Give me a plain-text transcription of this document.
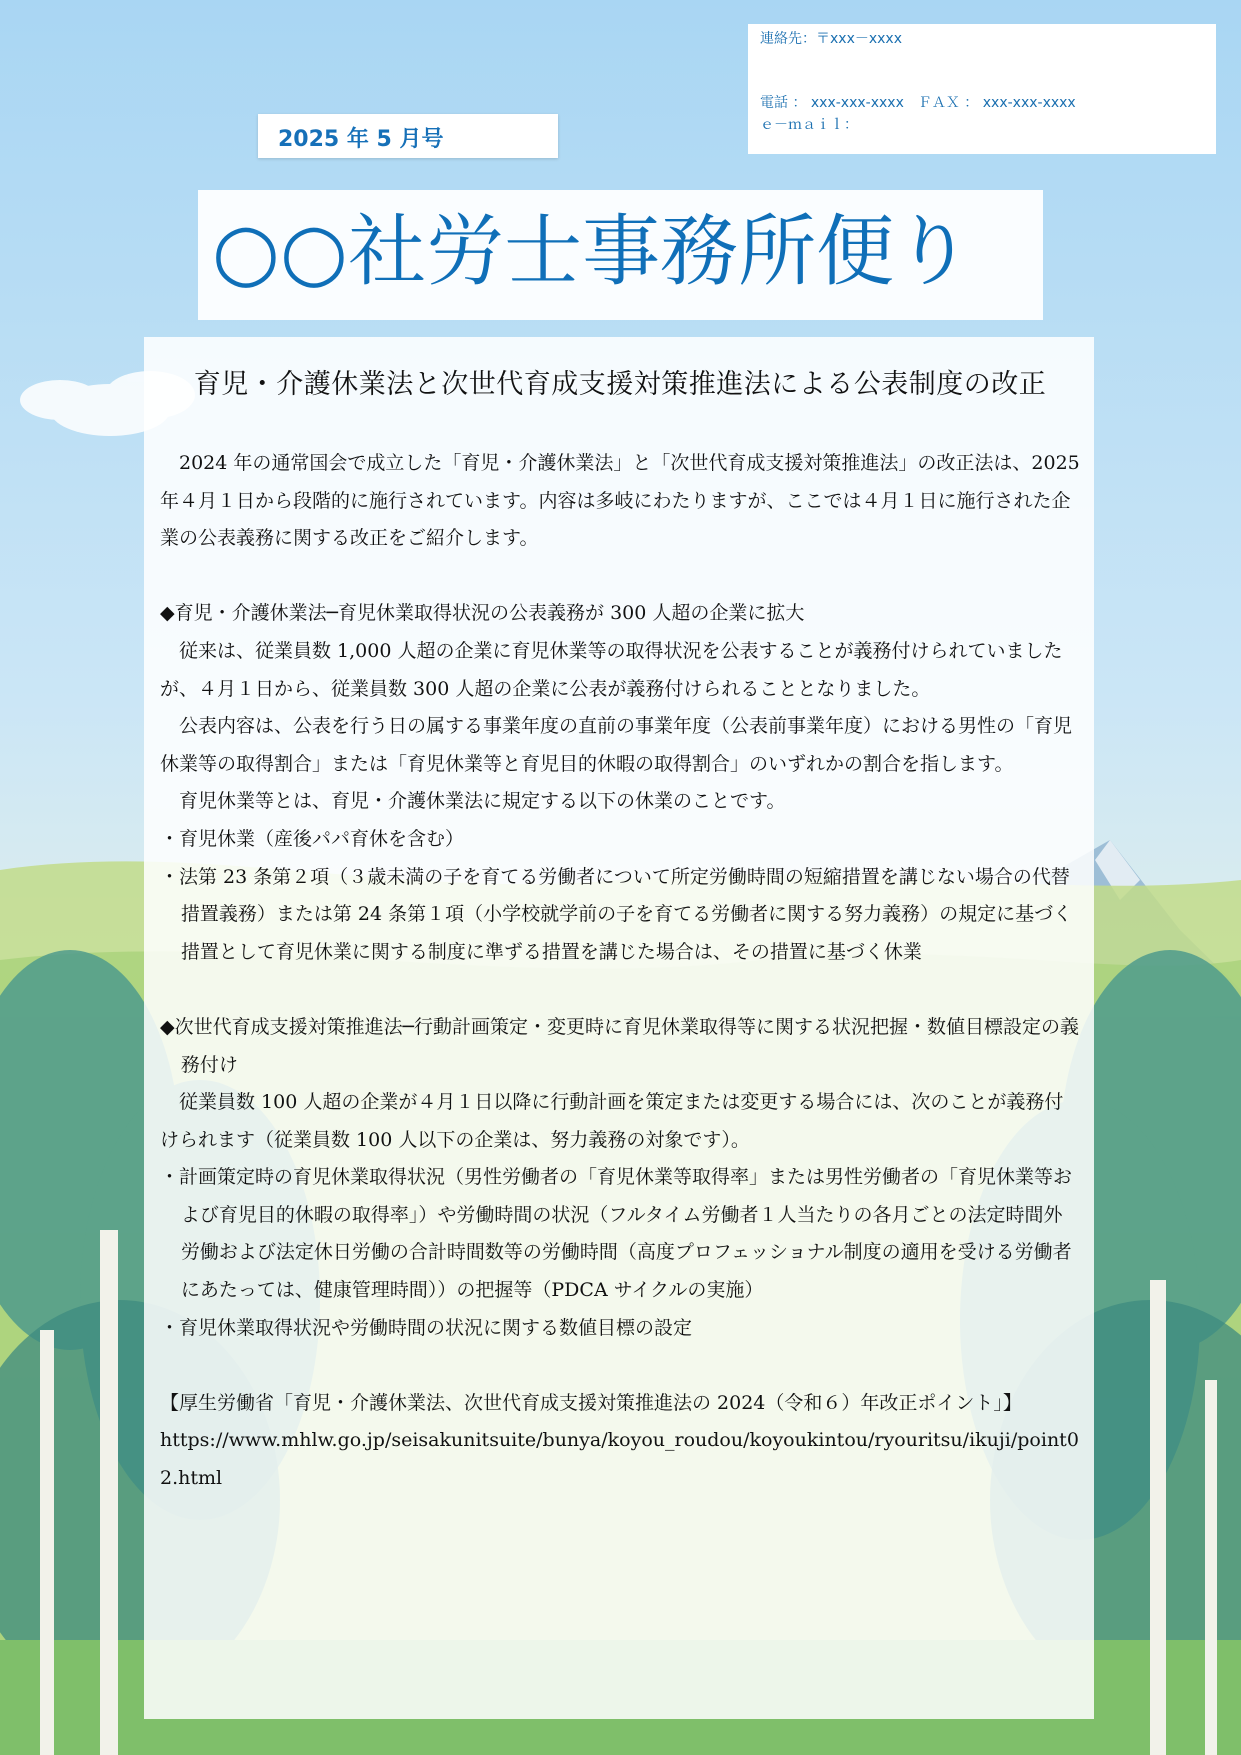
連絡先：〒xxx－xxxx
電話 ： xxx-xxx-xxxx　ＦＡＸ ： xxx-xxx-xxxx
ｅ－ｍａｉｌ：
2025 年 5 月号
○○社労士事務所便り
育児・介護休業法と次世代育成支援対策推進法による公表制度の改正

2024 年の通常国会で成立した「育児・介護休業法」と「次世代育成支援対策推進法」の改正法は、2025 年４月１日から段階的に施行されています。内容は多岐にわたりますが、ここでは４月１日に施行された企業の公表義務に関する改正をご紹介します。

◆育児・介護休業法─育児休業取得状況の公表義務が 300 人超の企業に拡大

従来は、従業員数 1,000 人超の企業に育児休業等の取得状況を公表することが義務付けられていましたが、４月１日から、従業員数 300 人超の企業に公表が義務付けられることとなりました。

公表内容は、公表を行う日の属する事業年度の直前の事業年度（公表前事業年度）における男性の「育児休業等の取得割合」または「育児休業等と育児目的休暇の取得割合」のいずれかの割合を指します。

育児休業等とは、育児・介護休業法に規定する以下の休業のことです。

・育児休業（産後パパ育休を含む）

・法第 23 条第２項（３歳未満の子を育てる労働者について所定労働時間の短縮措置を講じない場合の代替措置義務）または第 24 条第１項（小学校就学前の子を育てる労働者に関する努力義務）の規定に基づく措置として育児休業に関する制度に準ずる措置を講じた場合は、その措置に基づく休業

◆次世代育成支援対策推進法─行動計画策定・変更時に育児休業取得等に関する状況把握・数値目標設定の義務付け

従業員数 100 人超の企業が４月１日以降に行動計画を策定または変更する場合には、次のことが義務付けられます（従業員数 100 人以下の企業は、努力義務の対象です）。

・計画策定時の育児休業取得状況（男性労働者の「育児休業等取得率」または男性労働者の「育児休業等および育児目的休暇の取得率」）や労働時間の状況（フルタイム労働者１人当たりの各月ごとの法定時間外労働および法定休日労働の合計時間数等の労働時間（高度プロフェッショナル制度の適用を受ける労働者にあたっては、健康管理時間））の把握等（PDCA サイクルの実施）

・育児休業取得状況や労働時間の状況に関する数値目標の設定

【厚生労働省「育児・介護休業法、次世代育成支援対策推進法の 2024（令和６）年改正ポイント」】

https://www.mhlw.go.jp/seisakunitsuite/bunya/koyou_roudou/koyoukintou/ryouritsu/ikuji/point02.html
